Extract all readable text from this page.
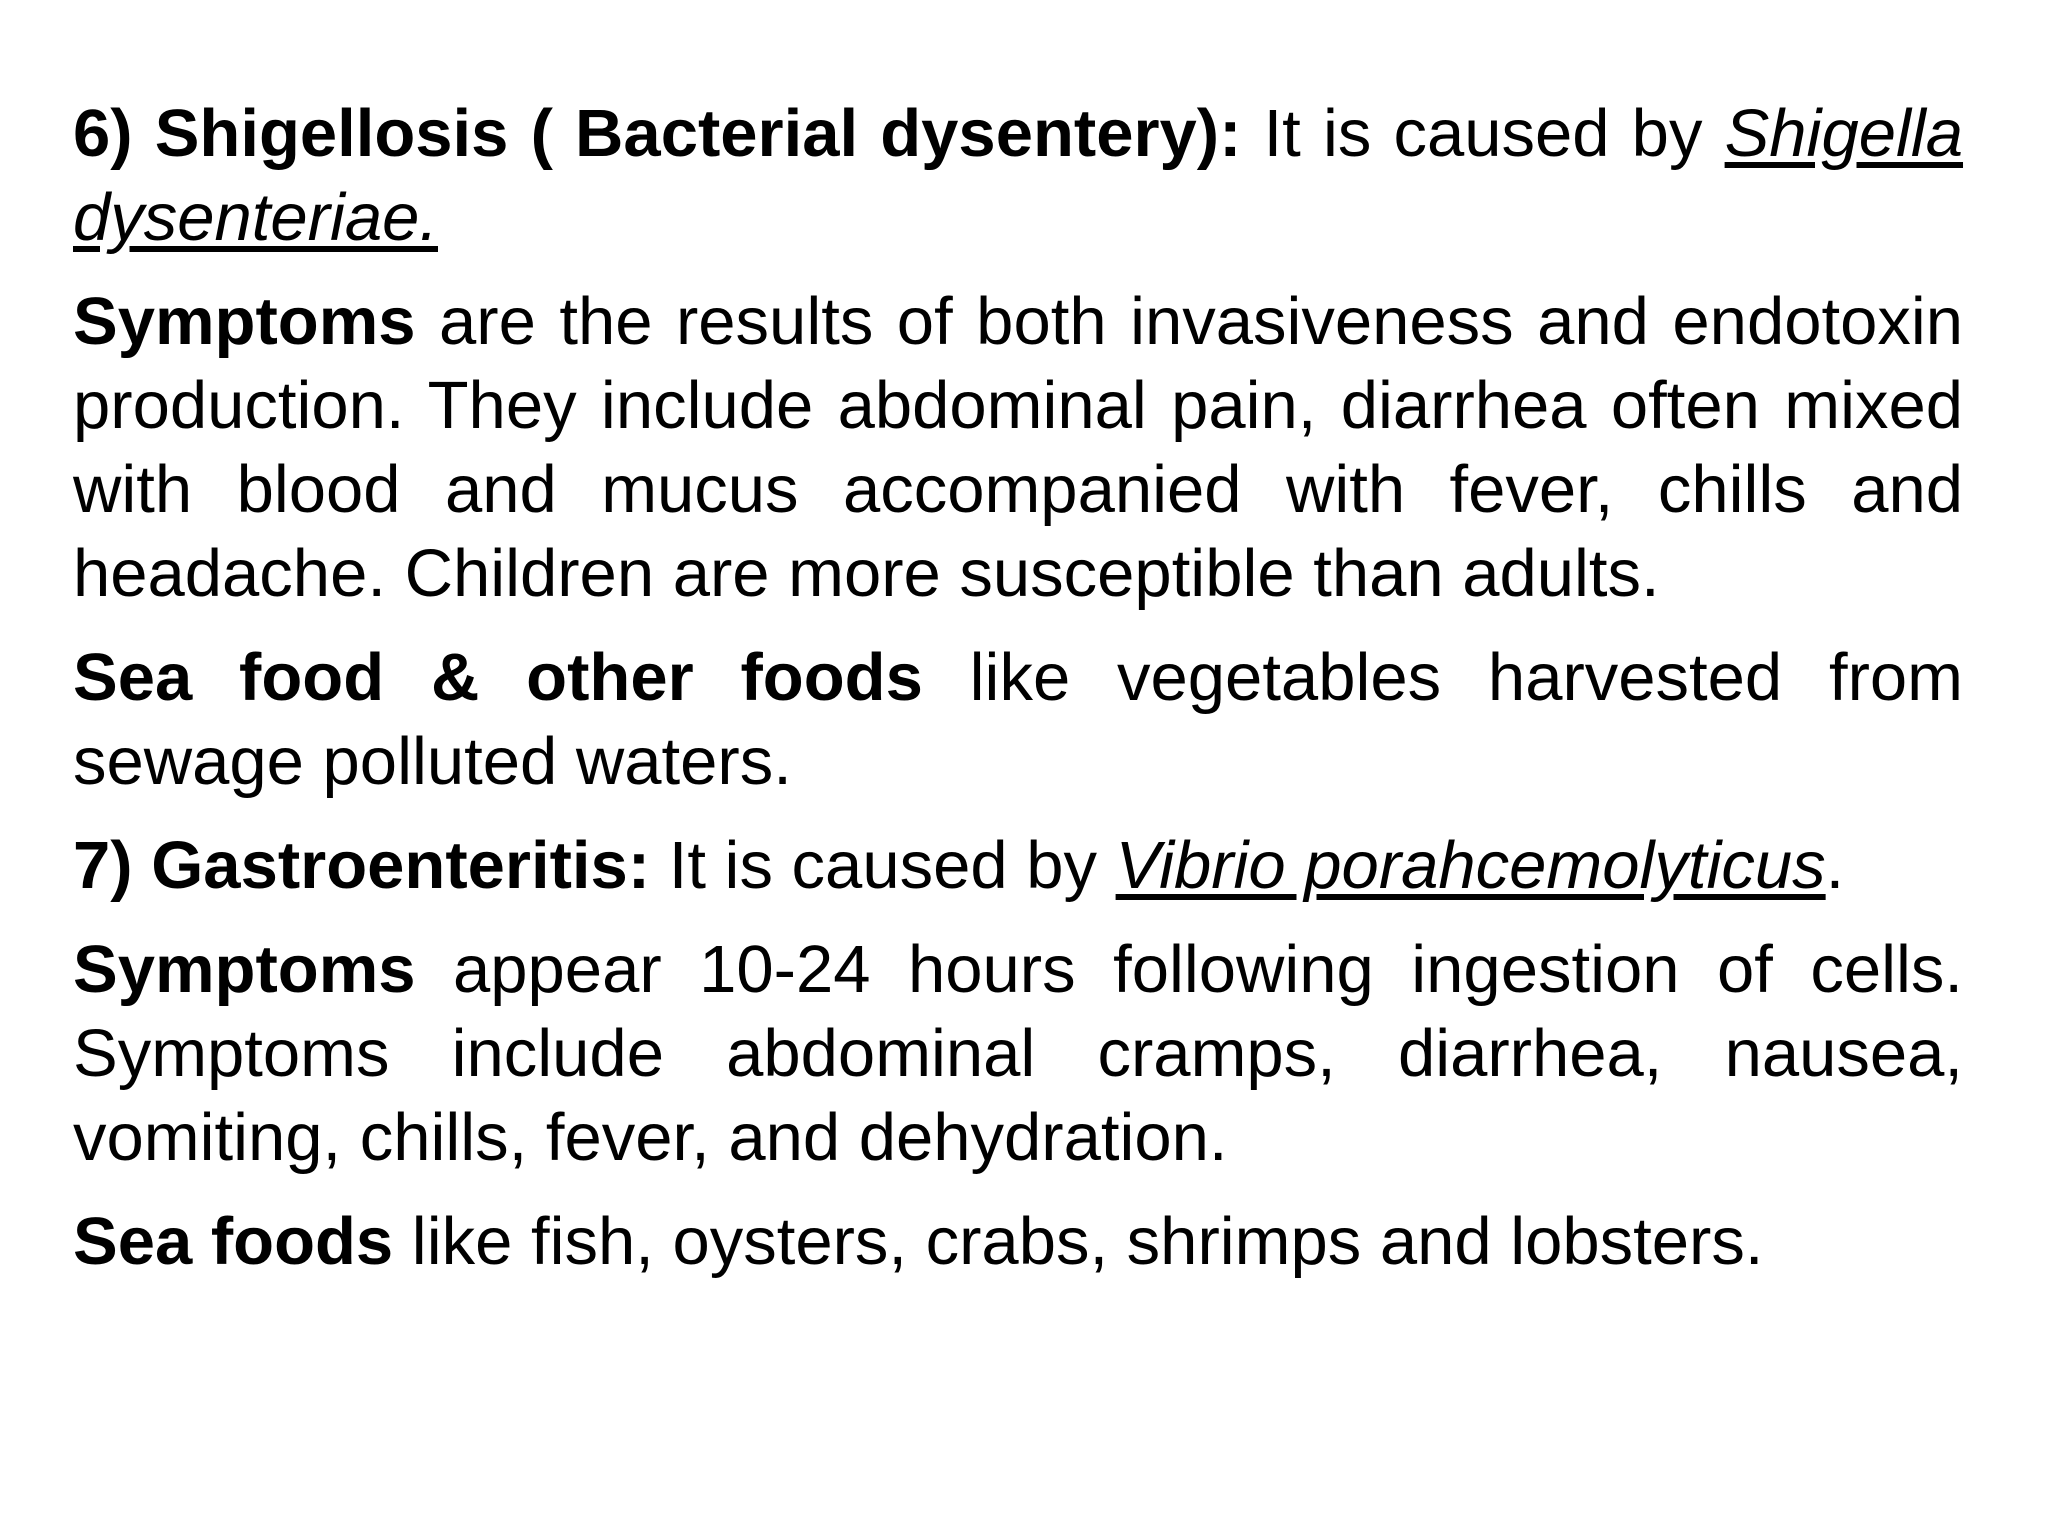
6) Shigellosis ( Bacterial dysentery): It is caused by Shigella dysenteriae.

Symptoms are the results of both invasiveness and endotoxin production. They include abdominal pain, diarrhea often mixed with blood and mucus accompanied with fever, chills and headache. Children are more susceptible than adults.

Sea food & other foods like vegetables harvested from sewage polluted waters.

7) Gastroenteritis: It is caused by Vibrio porahcemolyticus.

Symptoms appear 10-24 hours following ingestion of cells. Symptoms include abdominal cramps, diarrhea, nausea, vomiting, chills, fever, and dehydration.

Sea foods like fish, oysters, crabs, shrimps and lobsters.
